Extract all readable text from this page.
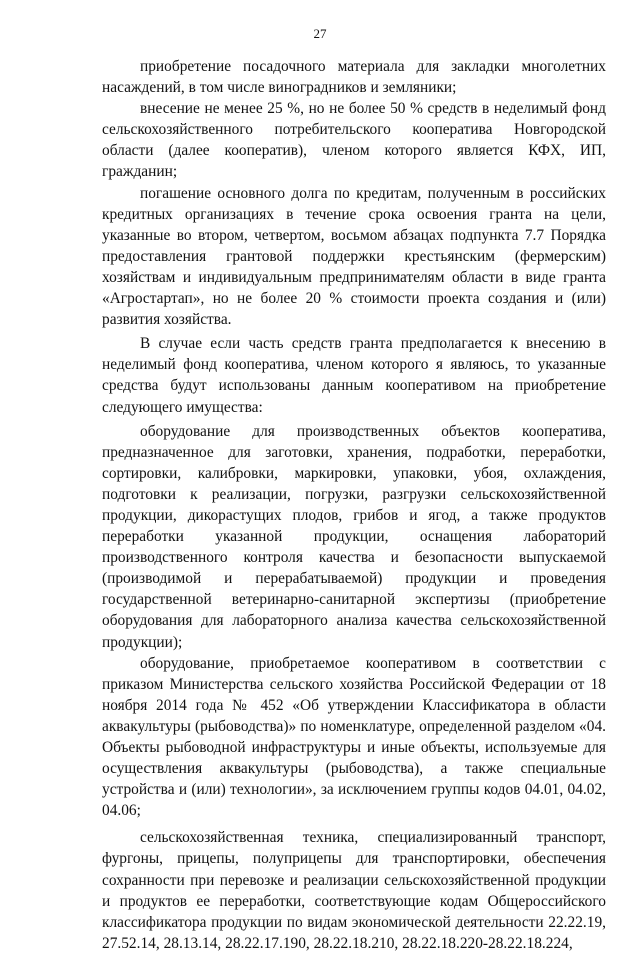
27

приобретение посадочного материала для закладки многолетних насаждений, в том числе виноградников и земляники;

внесение не менее 25 %, но не более 50 % средств в неделимый фонд сельскохозяйственного потребительского кооператива Новгородской области (далее кооператив), членом которого является КФХ, ИП, гражданин;

погашение основного долга по кредитам, полученным в российских кредитных организациях в течение срока освоения гранта на цели, указанные во втором, четвертом, восьмом абзацах подпункта 7.7 Порядка предоставления грантовой поддержки крестьянским (фермерским) хозяйствам и индивидуальным предпринимателям области в виде гранта «Агростартап», но не более 20 % стоимости проекта создания и (или) развития хозяйства.

В случае если часть средств гранта предполагается к внесению в неделимый фонд кооператива, членом которого я являюсь, то указанные средства будут использованы данным кооперативом на приобретение следующего имущества:

оборудование для производственных объектов кооператива, предназначенное для заготовки, хранения, подработки, переработки, сортировки, калибровки, маркировки, упаковки, убоя, охлаждения, подготовки к реализации, погрузки, разгрузки сельскохозяйственной продукции, дикорастущих плодов, грибов и ягод, а также продуктов переработки указанной продукции, оснащения лабораторий производственного контроля качества и безопасности выпускаемой (производимой и перерабатываемой) продукции и проведения государственной ветеринарно-санитарной экспертизы (приобретение оборудования для лабораторного анализа качества сельскохозяйственной продукции);

оборудование, приобретаемое кооперативом в соответствии с приказом Министерства сельского хозяйства Российской Федерации от 18 ноября 2014 года № 452 «Об утверждении Классификатора в области аквакультуры (рыбоводства)» по номенклатуре, определенной разделом «04. Объекты рыбоводной инфраструктуры и иные объекты, используемые для осуществления аквакультуры (рыбоводства), а также специальные устройства и (или) технологии», за исключением группы кодов 04.01, 04.02, 04.06;

сельскохозяйственная техника, специализированный транспорт, фургоны, прицепы, полуприцепы для транспортировки, обеспечения сохранности при перевозке и реализации сельскохозяйственной продукции и продуктов ее переработки, соответствующие кодам Общероссийского классификатора продукции по видам экономической деятельности 22.22.19, 27.52.14, 28.13.14, 28.22.17.190, 28.22.18.210, 28.22.18.220-28.22.18.224,
